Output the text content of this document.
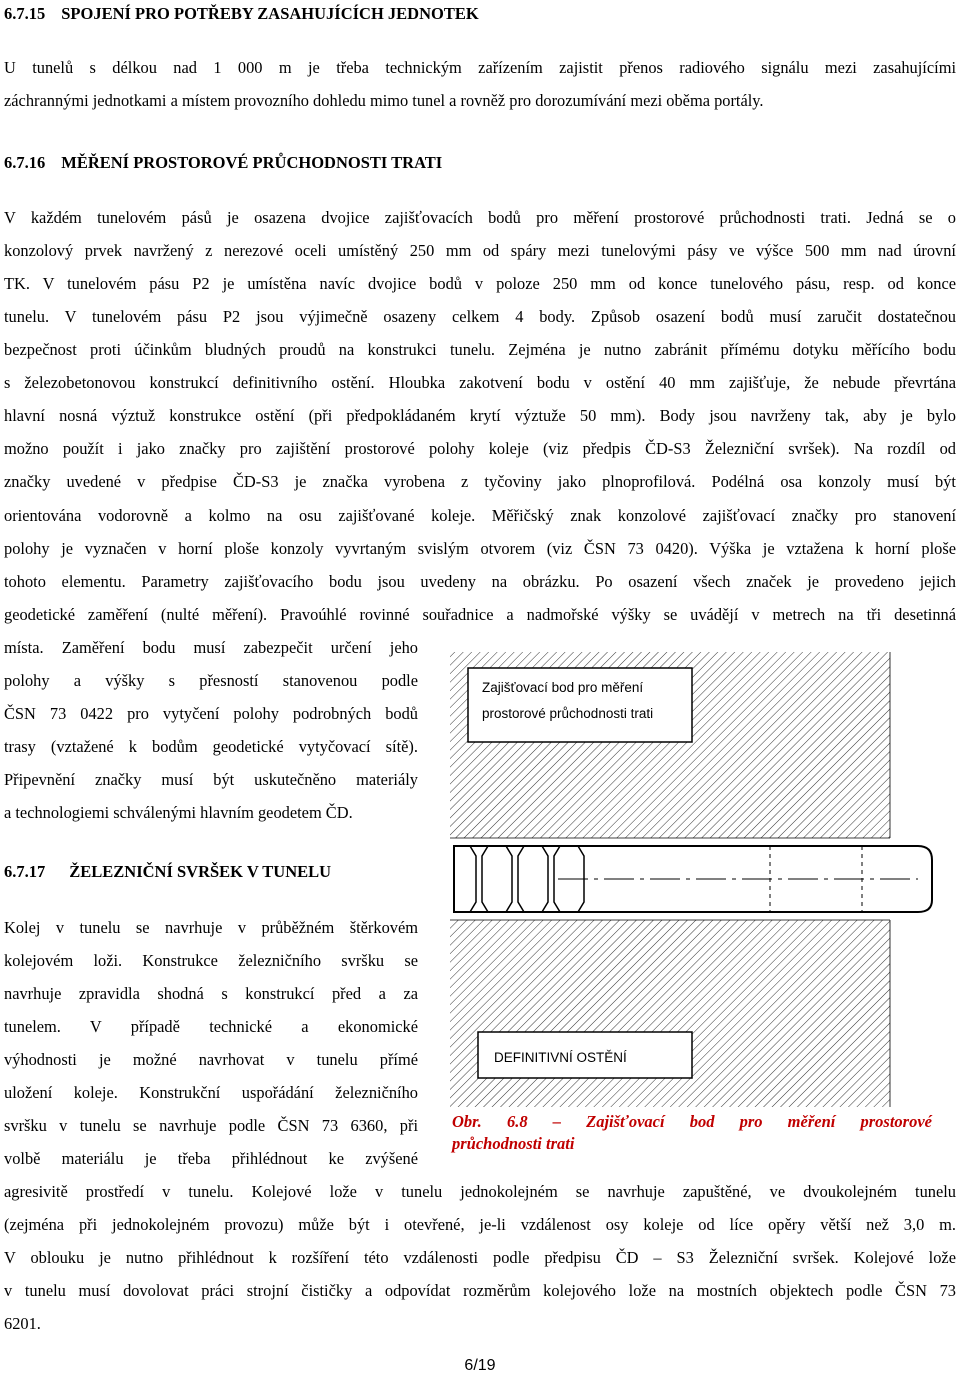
6.7.15 SPOJENÍ PRO POTŘEBY ZASAHUJÍCÍCH JEDNOTEK
6.7.16 MĚŘENÍ PROSTOROVÉ PRŮCHODNOSTI TRATI
6.7.17 ŽELEZNIČNÍ SVRŠEK V TUNELU
U tunelů s délkou nad 1 000 m je třeba technickým zařízením zajistit přenos radiového signálu mezi zasahujícími
záchrannými jednotkami a místem provozního dohledu mimo tunel a rovněž pro dorozumívání mezi oběma portály.
V každém tunelovém pásů je osazena dvojice zajišťovacích bodů pro měření prostorové průchodnosti trati. Jedná se o
konzolový prvek navržený z nerezové oceli umístěný 250 mm od spáry mezi tunelovými pásy ve výšce 500 mm nad úrovní
TK. V tunelovém pásu P2 je umístěna navíc dvojice bodů v poloze 250 mm od konce tunelového pásu, resp. od konce
tunelu. V tunelovém pásu P2 jsou výjimečně osazeny celkem 4 body. Způsob osazení bodů musí zaručit dostatečnou
bezpečnost proti účinkům bludných proudů na konstrukci tunelu. Zejména je nutno zabránit přímému dotyku měřícího bodu
s železobetonovou konstrukcí definitivního ostění. Hloubka zakotvení bodu v ostění 40 mm zajišťuje, že nebude převrtána
hlavní nosná výztuž konstrukce ostění (při předpokládaném krytí výztuže 50 mm). Body jsou navrženy tak, aby je bylo
možno použít i jako značky pro zajištění prostorové polohy koleje (viz předpis ČD-S3 Železniční svršek). Na rozdíl od
značky uvedené v předpise ČD-S3 je značka vyrobena z tyčoviny jako plnoprofilová. Podélná osa konzoly musí být
orientována vodorovně a kolmo na osu zajišťované koleje. Měřičský znak konzolové zajišťovací značky pro stanovení
polohy je vyznačen v horní ploše konzoly vyvrtaným svislým otvorem (viz ČSN 73 0420). Výška je vztažena k horní ploše
tohoto elementu. Parametry zajišťovacího bodu jsou uvedeny na obrázku. Po osazení všech značek je provedeno jejich
geodetické zaměření (nulté měření). Pravoúhlé rovinné souřadnice a nadmořské výšky se uvádějí v metrech na tři desetinná
místa. Zaměření bodu musí zabezpečit určení jeho
polohy a výšky s přesností stanovenou podle
ČSN 73 0422 pro vytyčení polohy podrobných bodů
trasy (vztažené k bodům geodetické vytyčovací sítě).
Připevnění značky musí být uskutečněno materiály
a technologiemi schválenými hlavním geodetem ČD.
Kolej v tunelu se navrhuje v průběžném štěrkovém
kolejovém loži. Konstrukce železničního svršku se
navrhuje zpravidla shodná s konstrukcí před a za
tunelem. V případě technické a ekonomické
výhodnosti je možné navrhovat v tunelu přímé
uložení koleje. Konstrukční uspořádání železničního
svršku v tunelu se navrhuje podle ČSN 73 6360, při
volbě materiálu je třeba přihlédnout ke zvýšené
agresivitě prostředí v tunelu. Kolejové lože v tunelu jednokolejném se navrhuje zapuštěné, ve dvoukolejném tunelu
(zejména při jednokolejném provozu) může být i otevřené, je-li vzdálenost osy koleje od líce opěry větší než 3,0 m.
V oblouku je nutno přihlédnout k rozšíření této vzdálenosti podle předpisu ČD – S3 Železniční svršek. Kolejové lože
v tunelu musí dovolovat práci strojní čističky a odpovídat rozměrům kolejového lože na mostních objektech podle ČSN 73
6201.
Zajišťovací bod pro měření
prostorové průchodnosti trati
DEFINITIVNÍ OSTĚNÍ
Obr. 6.8 – Zajišťovací bod pro měření prostorové
průchodnosti trati
6/19
